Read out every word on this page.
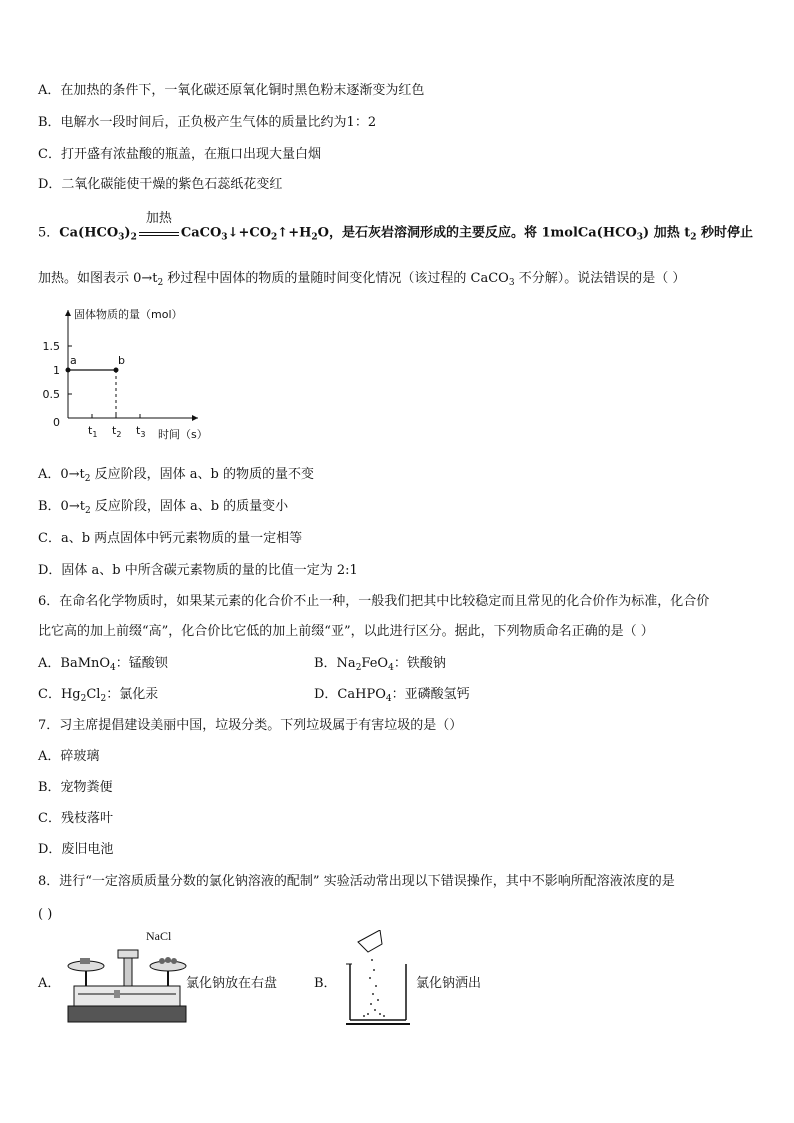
A．在加热的条件下，一氧化碳还原氧化铜时黑色粉末逐渐变为红色
B．电解水一段时间后，正负极产生气体的质量比约为1：2
C．打开盛有浓盐酸的瓶盖，在瓶口出现大量白烟
D．二氧化碳能使干燥的紫色石蕊纸花变红
5．$Ca(HCO_3)_2$
加热
$CaCO_3↓+CO_2↑+H_2O$，是石灰岩溶洞形成的主要反应。将 $1molCa(HCO_3)$ 加热 $t_2$ 秒时停止
加热。如图表示 $0\to t_2$ 秒过程中固体的物质的量随时间变化情况（该过程的 CaCO$_3$ 不分解）。说法错误的是（ ）
固体物质的量（mol）
时间（s）
1.5
1
0.5
0
$t_1$ $t_2$ $t_3$
a	b
A．$0\to t_2$ 反应阶段，固体 a、b 的物质的量不变
B．$0\to t_2$ 反应阶段，固体 a、b 的质量变小
C．a、b 两点固体中钙元素物质的量一定相等
D．固体 a、b 中所含碳元素物质的量的比值一定为 2:1
6．在命名化学物质时，如果某元素的化合价不止一种，一般我们把其中比较稳定而且常见的化合价作为标准，化合价
比它高的加上前缀“高”，化合价比它低的加上前缀“亚”，以此进行区分。据此，下列物质命名正确的是（ ）
A．BaMnO$_4$：锰酸钡	B．$Na_2FeO_4$：铁酸钠
C．$Hg_2Cl_2$：氯化汞	D．CaHPO$_4$：亚磷酸氢钙
7．习主席提倡建设美丽中国，垃圾分类。下列垃圾属于有害垃圾的是（）
A．碎玻璃
B．宠物粪便
C．残枝落叶
D．废旧电池
8．进行“一定溶质质量分数的氯化钠溶液的配制” 实验活动常出现以下错误操作，其中不影响所配溶液浓度的是
( )
A．
NaCl
氯化钠放在右盘	B．	氯化钠洒出
